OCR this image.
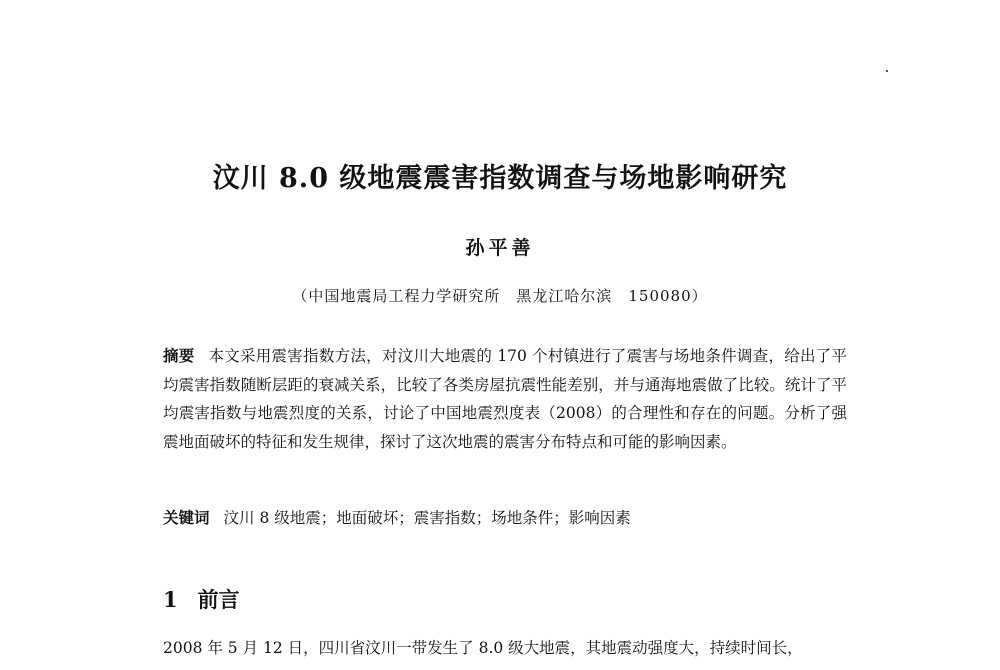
汶川 8.0 级地震震害指数调查与场地影响研究
孙平善
（中国地震局工程力学研究所　黑龙江哈尔滨　150080）

摘要 本文采用震害指数方法，对汶川大地震的 170 个村镇进行了震害与场地条件调查，给出了平均震害指数随断层距的衰减关系，比较了各类房屋抗震性能差别，并与通海地震做了比较。统计了平均震害指数与地震烈度的关系，讨论了中国地震烈度表（2008）的合理性和存在的问题。分析了强震地面破坏的特征和发生规律，探讨了这次地震的震害分布特点和可能的影响因素。

关键词 汶川 8 级地震；地面破坏；震害指数；场地条件；影响因素

1 前言

2008 年 5 月 12 日，四川省汶川一带发生了 8.0 级大地震，其地震动强度大，持续时间长，
